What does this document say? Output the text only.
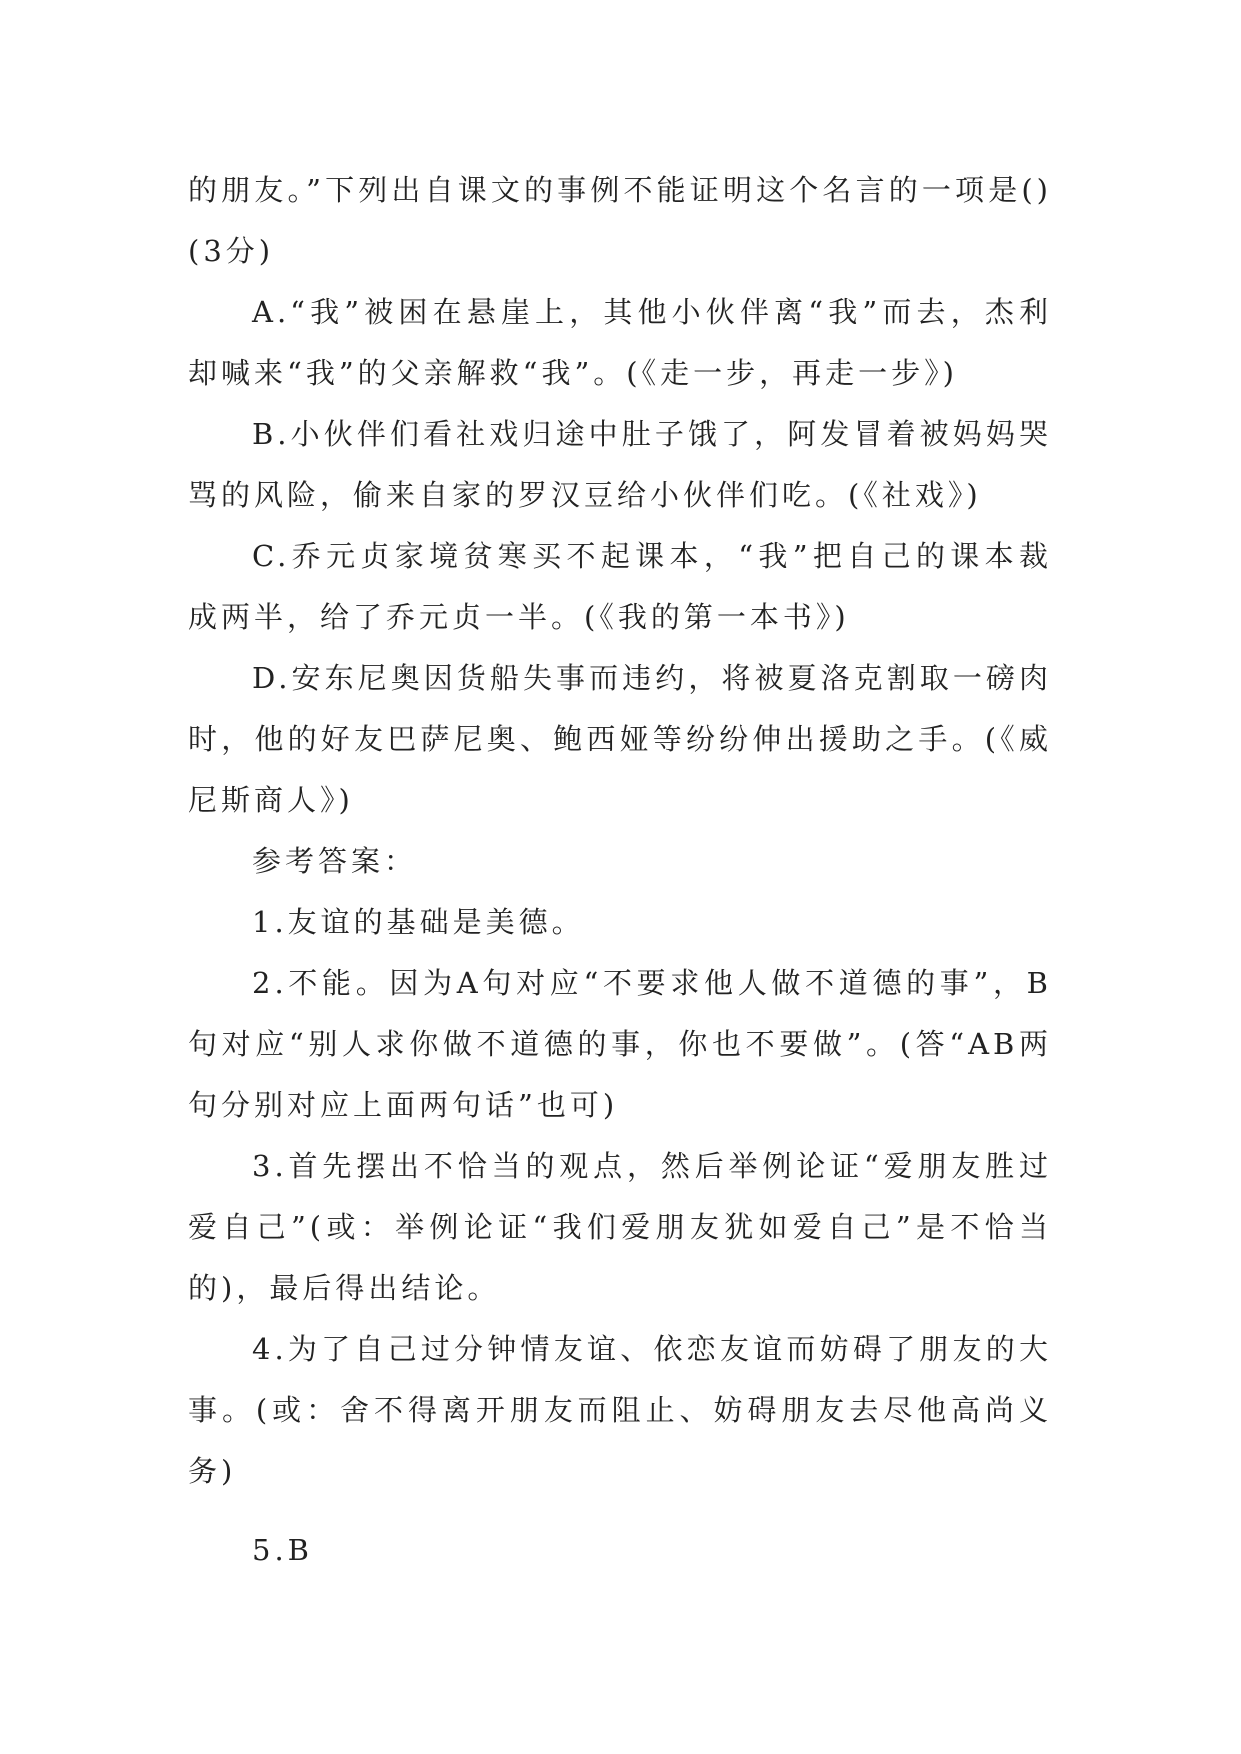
的朋友。”下列出自课文的事例不能证明这个名言的一项是()(3分)

A.“我”被困在悬崖上，其他小伙伴离“我”而去，杰利却喊来“我”的父亲解救“我”。(《走一步，再走一步》)

B.小伙伴们看社戏归途中肚子饿了，阿发冒着被妈妈哭骂的风险，偷来自家的罗汉豆给小伙伴们吃。(《社戏》)

C.乔元贞家境贫寒买不起课本，“我”把自己的课本裁成两半，给了乔元贞一半。(《我的第一本书》)

D.安东尼奥因货船失事而违约，将被夏洛克割取一磅肉时，他的好友巴萨尼奥、鲍西娅等纷纷伸出援助之手。(《威尼斯商人》)

参考答案：

1.友谊的基础是美德。

2.不能。因为A句对应“不要求他人做不道德的事”，B句对应“别人求你做不道德的事，你也不要做”。(答“AB两句分别对应上面两句话”也可)

3.首先摆出不恰当的观点，然后举例论证“爱朋友胜过爱自己”(或：举例论证“我们爱朋友犹如爱自己”是不恰当的)，最后得出结论。

4.为了自己过分钟情友谊、依恋友谊而妨碍了朋友的大事。(或：舍不得离开朋友而阻止、妨碍朋友去尽他高尚义务)

5.B
